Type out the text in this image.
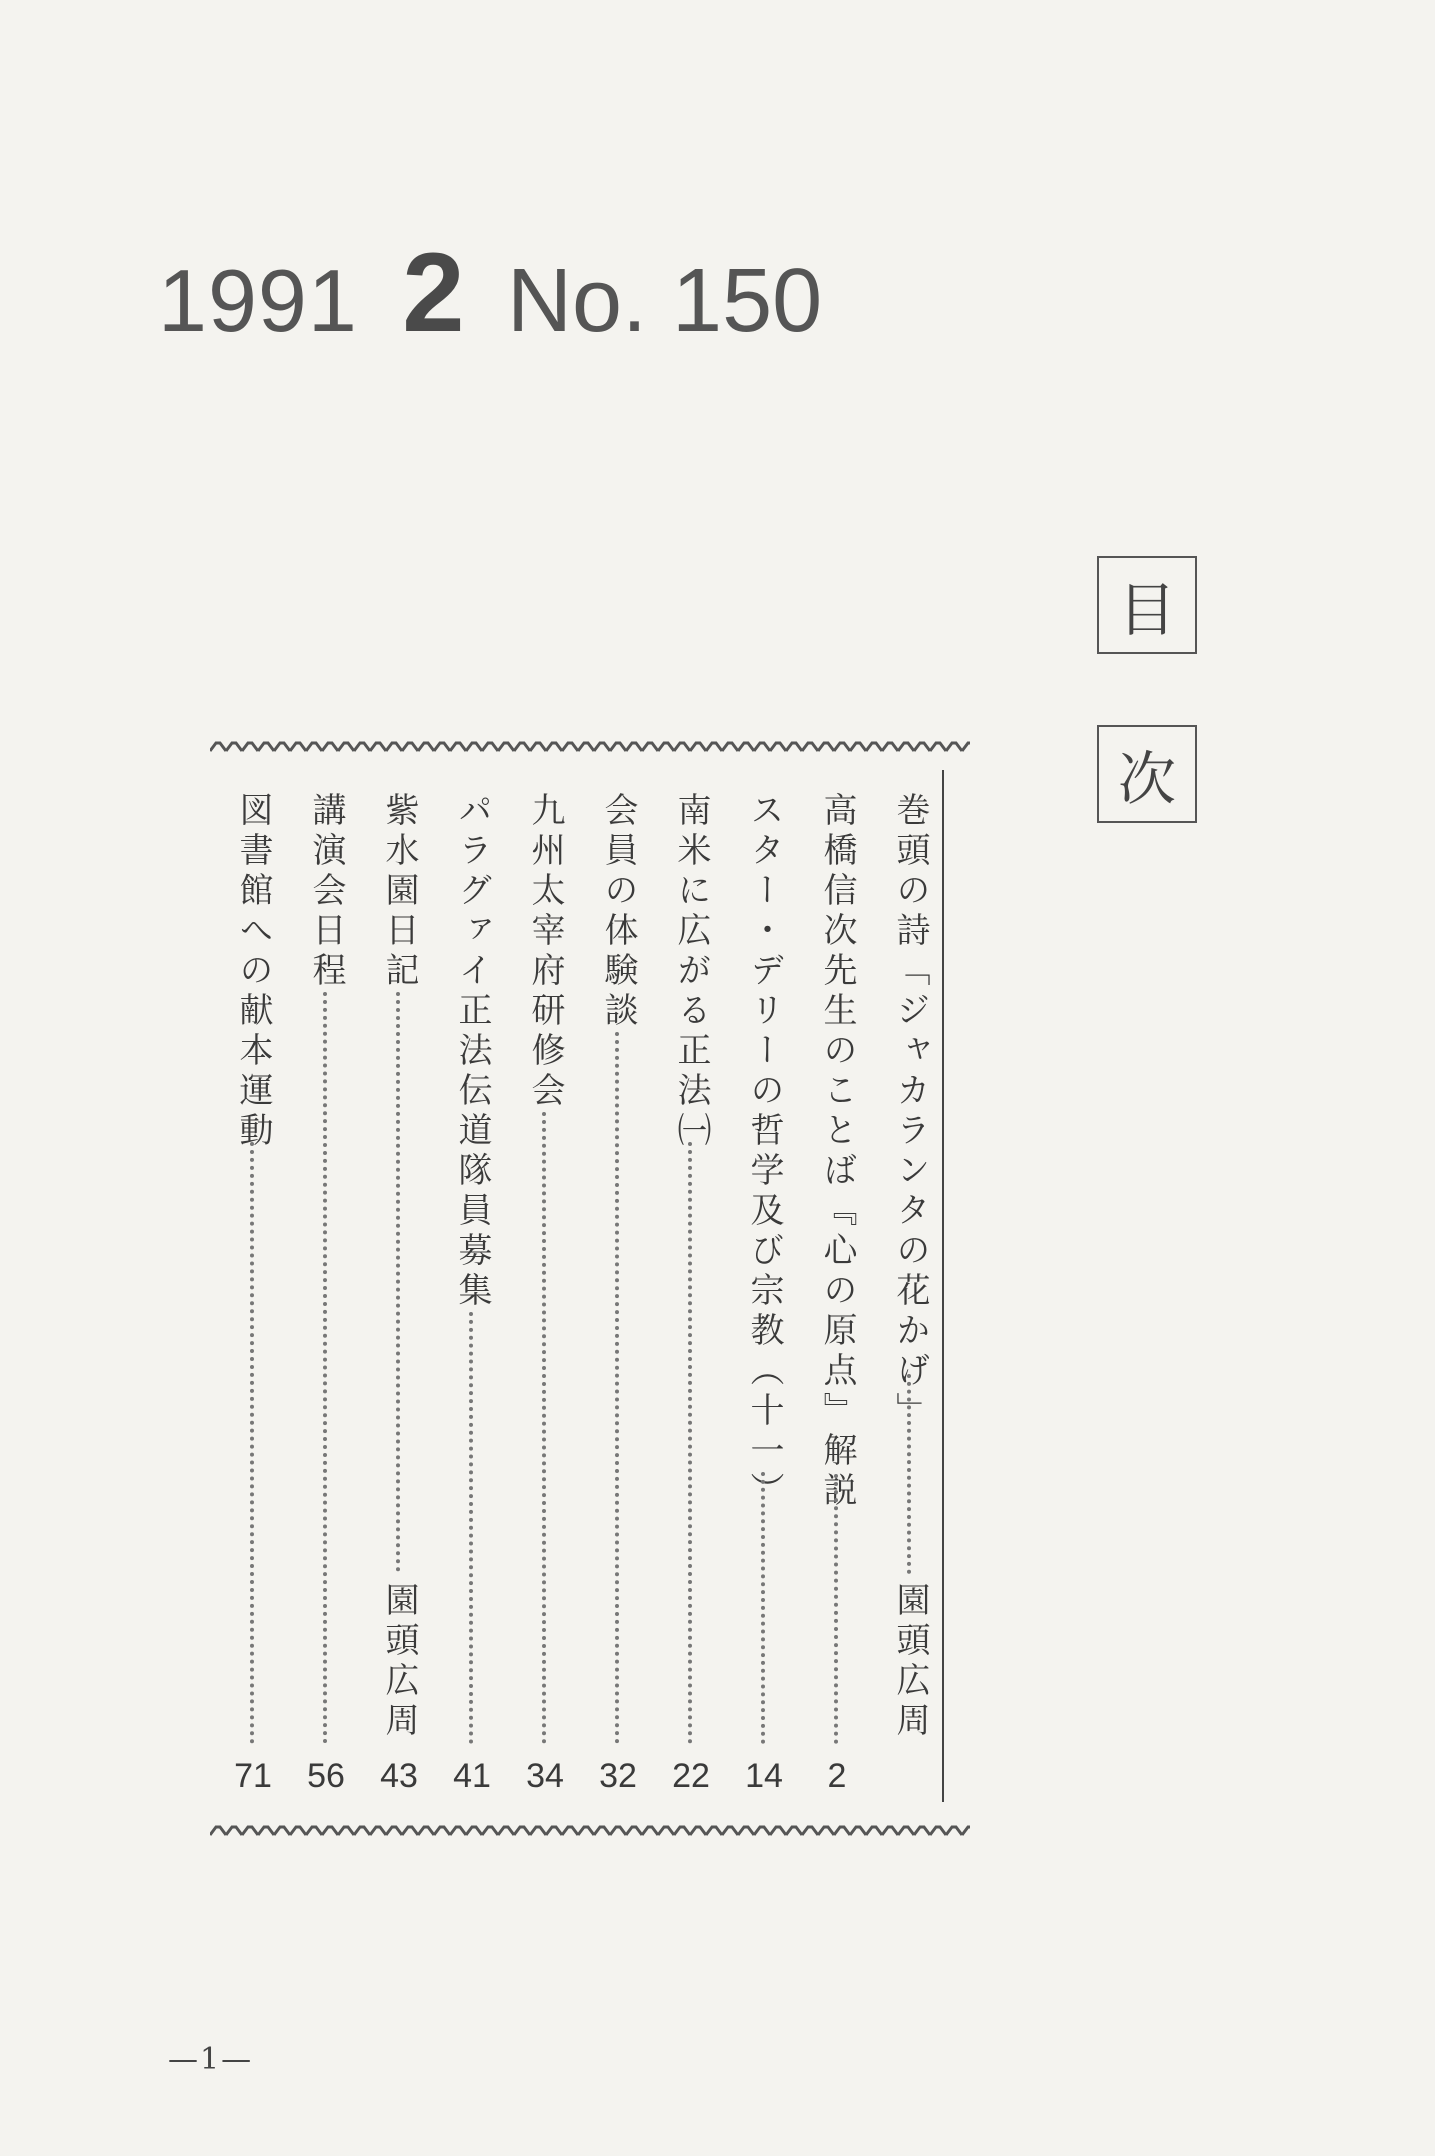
1991 2 No. 150
目
次
巻頭の詩「ジャカランタの花かげ」
園頭広周
高橋信次先生のことば『心の原点』解説
スター・デリーの哲学及び宗教（十一）
南米に広がる正法㈠
会員の体験談
九州太宰府研修会
パラグァイ正法伝道隊員募集
紫水園日記
園頭広周
講演会日程
図書館への献本運動
2
14
22
32
34
41
43
56
71
—1—
